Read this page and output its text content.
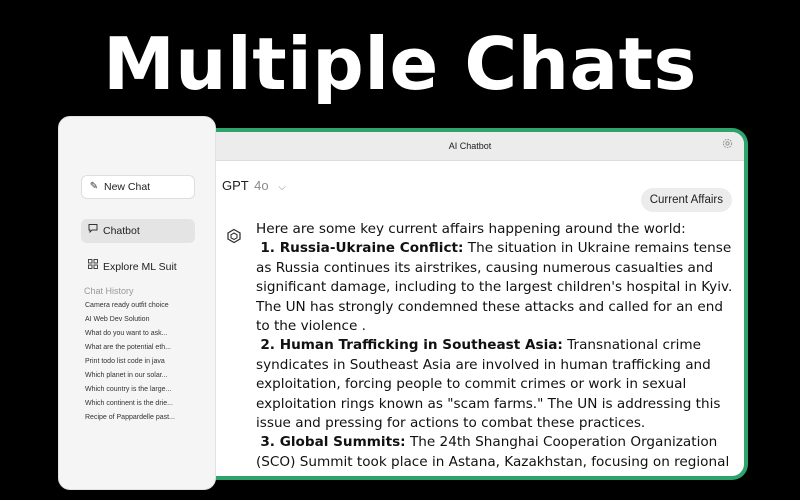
Multiple Chats
AI Chatbot
GPT 4o ⌵
Current Affairs

Here are some key current affairs happening around the world:

1. Russia-Ukraine Conflict: The situation in Ukraine remains tense as Russia continues its airstrikes, causing numerous casualties and significant damage, including to the largest children's hospital in Kyiv. The UN has strongly condemned these attacks and called for an end to the violence .

2. Human Trafficking in Southeast Asia: Transnational crime syndicates in Southeast Asia are involved in human trafficking and exploitation, forcing people to commit crimes or work in sexual exploitation rings known as "scam farms." The UN is addressing this issue and pressing for actions to combat these practices.

3. Global Summits: The 24th Shanghai Cooperation Organization (SCO) Summit took place in Astana, Kazakhstan, focusing on regional

✎ New Chat
Chatbot
Explore ML Suit
Chat History
Camera ready outfit choice
AI Web Dev Solution
What do you want to ask...
What are the potential eth...
Print todo list code in java
Which planet in our solar...
Which country is the large...
Which continent is the drie...
Recipe of Pappardelle past...
